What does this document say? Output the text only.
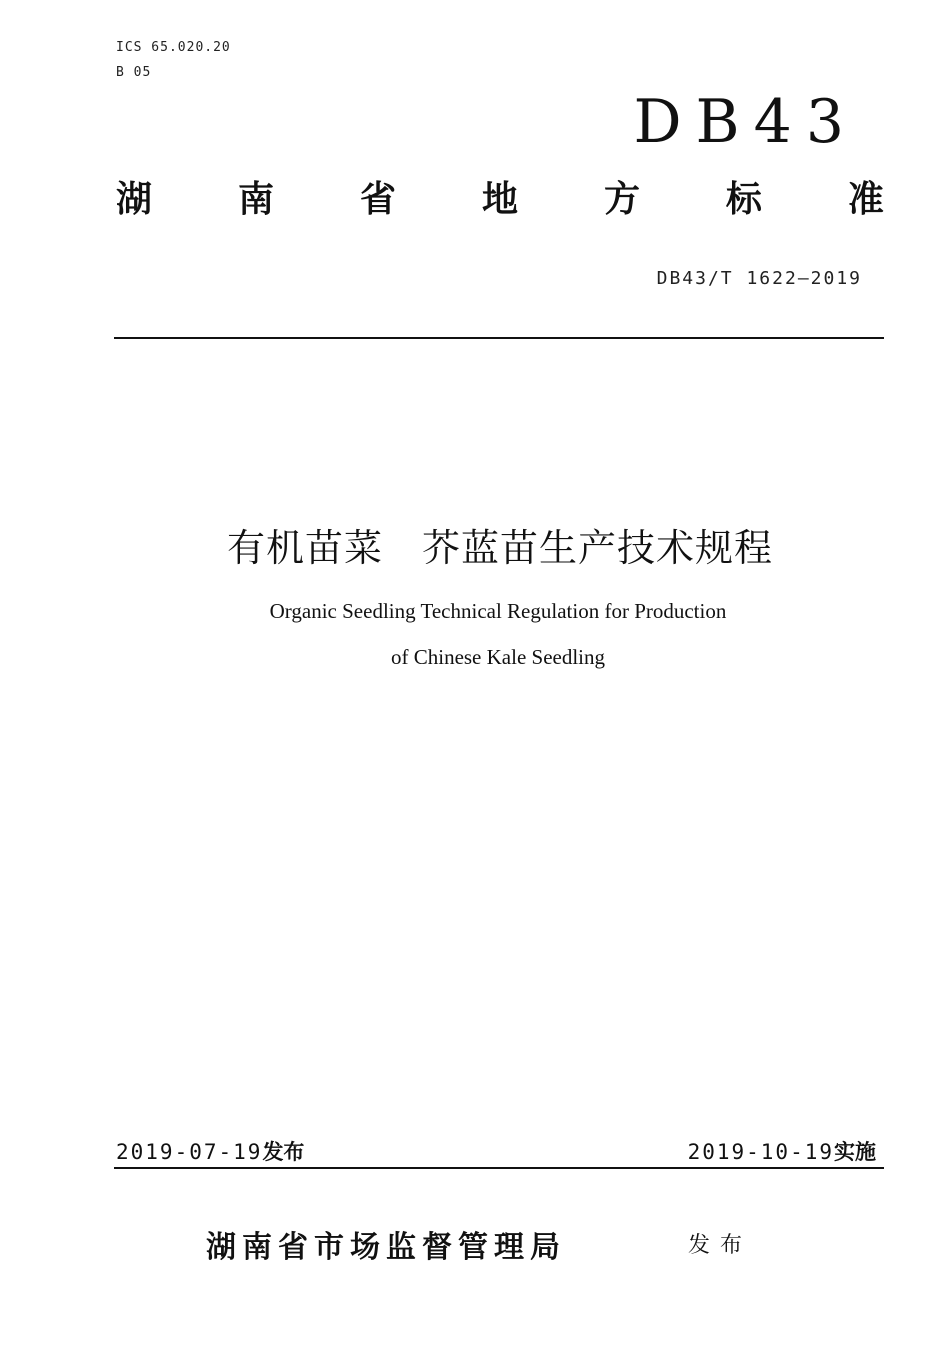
ICS 65.020.20
B 05
DB43
湖 南 省 地 方 标 准
DB43/T 1622—2019
有机苗菜　芥蓝苗生产技术规程
Organic Seedling Technical Regulation for Production
of Chinese Kale Seedling
2019-07-19发布	2019-10-19实施
湖南省市场监督管理局	发布
